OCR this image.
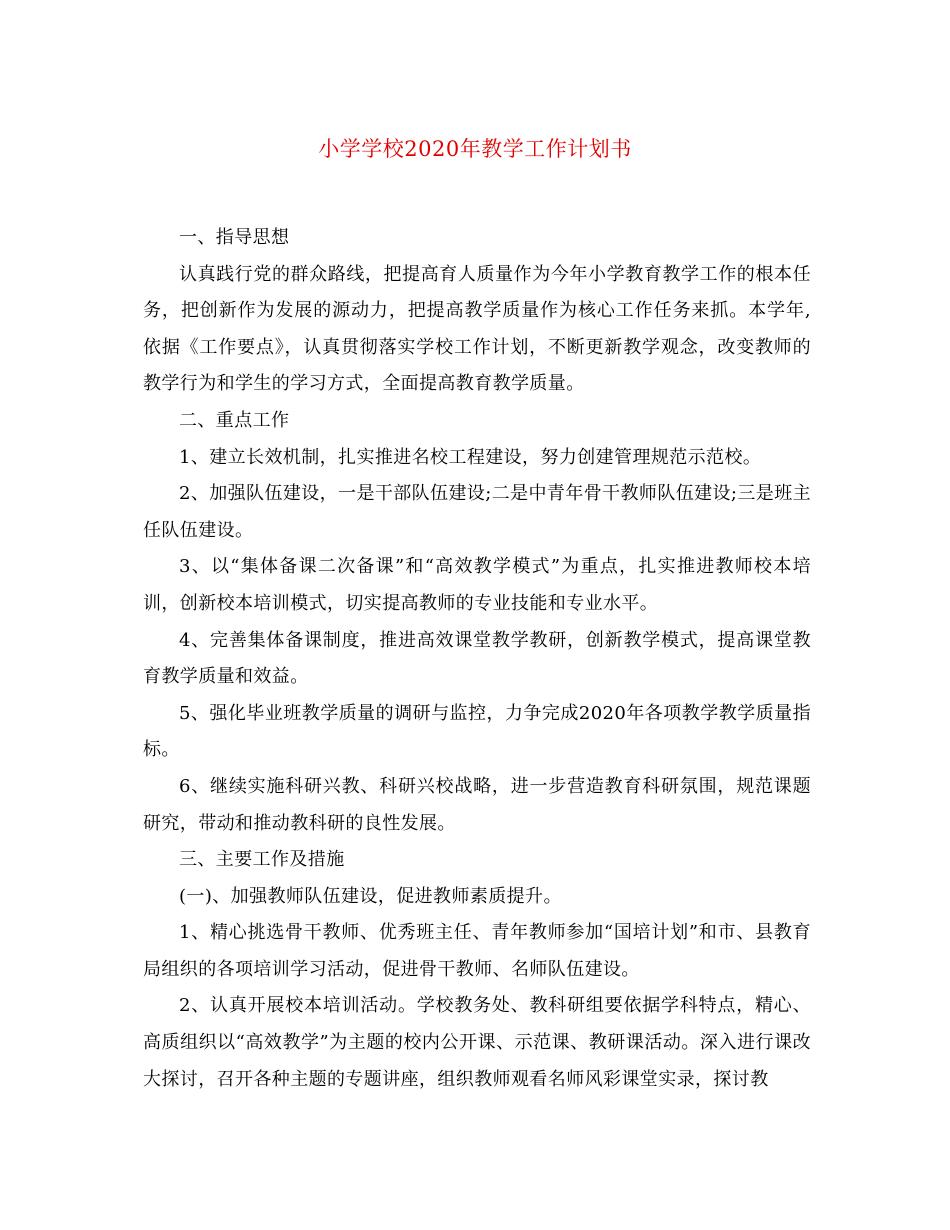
小学学校2020年教学工作计划书

一、指导思想

认真践行党的群众路线，把提高育人质量作为今年小学教育教学工作的根本任务，把创新作为发展的源动力，把提高教学质量作为核心工作任务来抓。本学年,依据《工作要点》，认真贯彻落实学校工作计划，不断更新教学观念，改变教师的教学行为和学生的学习方式，全面提高教育教学质量。

二、重点工作

1、建立长效机制，扎实推进名校工程建设，努力创建管理规范示范校。

2、加强队伍建设，一是干部队伍建设;二是中青年骨干教师队伍建设;三是班主任队伍建设。

3、以“集体备课二次备课”和“高效教学模式”为重点，扎实推进教师校本培训，创新校本培训模式，切实提高教师的专业技能和专业水平。

4、完善集体备课制度，推进高效课堂教学教研，创新教学模式，提高课堂教育教学质量和效益。

5、强化毕业班教学质量的调研与监控，力争完成2020年各项教学教学质量指标。

6、继续实施科研兴教、科研兴校战略，进一步营造教育科研氛围，规范课题研究，带动和推动教科研的良性发展。

三、主要工作及措施

(一)、加强教师队伍建设，促进教师素质提升。

1、精心挑选骨干教师、优秀班主任、青年教师参加“国培计划”和市、县教育局组织的各项培训学习活动，促进骨干教师、名师队伍建设。

2、认真开展校本培训活动。学校教务处、教科研组要依据学科特点，精心、高质组织以“高效教学”为主题的校内公开课、示范课、教研课活动。深入进行课改大探讨，召开各种主题的专题讲座，组织教师观看名师风彩课堂实录，探讨教
